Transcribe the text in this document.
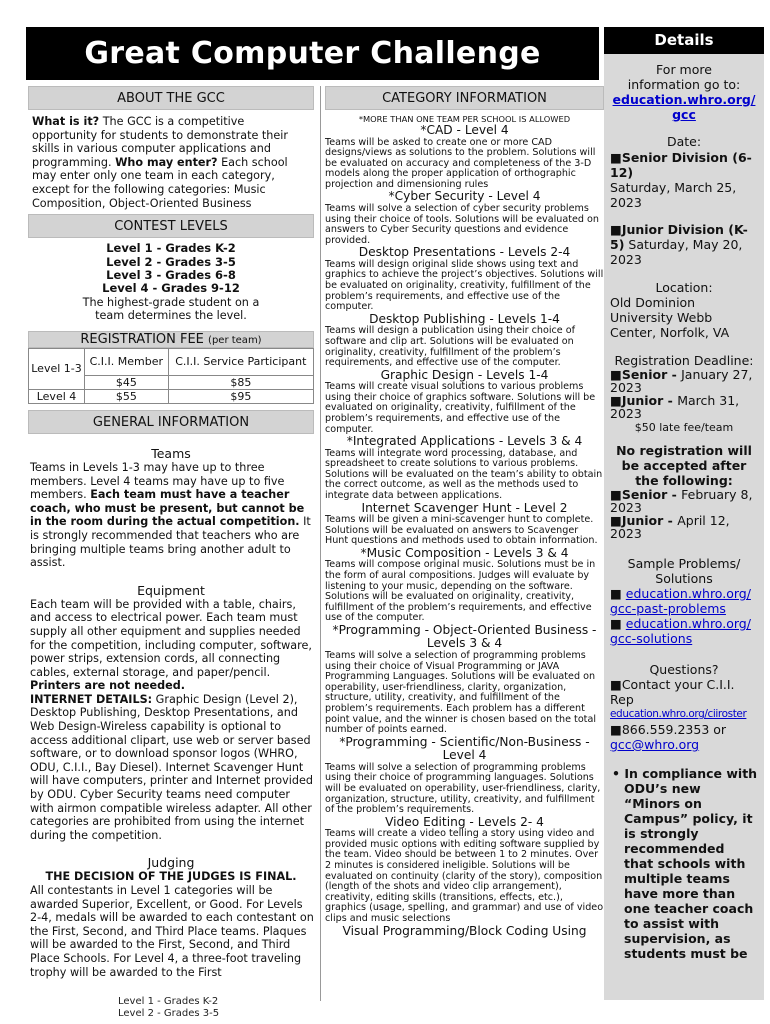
Great Computer Challenge
ABOUT THE GCC

What is it? The GCC is a competitive opportunity for students to demonstrate their skills in various computer applications and programming. Who may enter? Each school may enter only one team in each category, except for the following categories: Music Composition, Object-Oriented Business

CONTEST LEVELS
Level 1 - Grades K-2
Level 2 - Grades 3-5
Level 3 - Grades 6-8
Level 4 - Grades 9-12
The highest-grade student on a team determines the level.
REGISTRATION FEE (per team)
Level 1-3	C.I.I. Member	C.I.I. Service Participant
	$45	$85
Level 4	$55	$95
GENERAL INFORMATION
Teams

Teams in Levels 1-3 may have up to three members. Level 4 teams may have up to five members. Each team must have a teacher coach, who must be present, but cannot be in the room during the actual competition. It is strongly recommended that teachers who are bringing multiple teams bring another adult to assist.

Equipment

Each team will be provided with a table, chairs, and access to electrical power. Each team must supply all other equipment and supplies needed for the competition, including computer, software, power strips, extension cords, all connecting cables, external storage, and paper/pencil. Printers are not needed.
INTERNET DETAILS: Graphic Design (Level 2), Desktop Publishing, Desktop Presentations, and Web Design-Wireless capability is optional to access additional clipart, use web or server based software, or to download sponsor logos (WHRO, ODU, C.I.I., Bay Diesel). Internet Scavenger Hunt will have computers, printer and Internet provided by ODU. Cyber Security teams need computer with airmon compatible wireless adapter. All other categories are prohibited from using the internet during the competition.

Judging
THE DECISION OF THE JUDGES IS FINAL.

All contestants in Level 1 categories will be awarded Superior, Excellent, or Good. For Levels 2-4, medals will be awarded to each contestant on the First, Second, and Third Place teams. Plaques will be awarded to the First, Second, and Third Place Schools. For Level 4, a three-foot traveling trophy will be awarded to the First

CATEGORY INFORMATION
*MORE THAN ONE TEAM PER SCHOOL IS ALLOWED
*CAD - Level 4
Teams will be asked to create one or more CAD designs/views as solutions to the problem. Solutions will be evaluated on accuracy and completeness of the 3-D models along the proper application of orthographic projection and dimensioning rules
*Cyber Security - Level 4
Teams will solve a selection of cyber security problems using their choice of tools. Solutions will be evaluated on answers to Cyber Security questions and evidence provided.
Desktop Presentations - Levels 2-4
Teams will design original slide shows using text and graphics to achieve the project’s objectives. Solutions will be evaluated on originality, creativity, fulfillment of the problem’s requirements, and effective use of the computer.
Desktop Publishing - Levels 1-4
Teams will design a publication using their choice of software and clip art. Solutions will be evaluated on originality, creativity, fulfillment of the problem’s requirements, and effective use of the computer.
Graphic Design - Levels 1-4
Teams will create visual solutions to various problems using their choice of graphics software. Solutions will be evaluated on originality, creativity, fulfillment of the problem’s requirements, and effective use of the computer.
*Integrated Applications - Levels 3 & 4
Teams will integrate word processing, database, and spreadsheet to create solutions to various problems. Solutions will be evaluated on the team’s ability to obtain the correct outcome, as well as the methods used to integrate data between applications.
Internet Scavenger Hunt - Level 2
Teams will be given a mini-scavenger hunt to complete. Solutions will be evaluated on answers to Scavenger Hunt questions and methods used to obtain information.
*Music Composition - Levels 3 & 4
Teams will compose original music. Solutions must be in the form of aural compositions. Judges will evaluate by listening to your music, depending on the software. Solutions will be evaluated on originality, creativity, fulfillment of the problem’s requirements, and effective use of the computer.
*Programming - Object-Oriented Business - Levels 3 & 4
Teams will solve a selection of programming problems using their choice of Visual Programming or JAVA Programming Languages. Solutions will be evaluated on operability, user-friendliness, clarity, organization, structure, utility, creativity, and fulfillment of the problem’s requirements. Each problem has a different point value, and the winner is chosen based on the total number of points earned.
*Programming - Scientific/Non-Business - Level 4
Teams will solve a selection of programming problems using their choice of programming languages. Solutions will be evaluated on operability, user-friendliness, clarity, organization, structure, utility, creativity, and fulfillment of the problem’s requirements.
Video Editing - Levels 2- 4
Teams will create a video telling a story using video and provided music options with editing software supplied by the team. Video should be between 1 to 2 minutes. Over 2 minutes is considered ineligible. Solutions will be evaluated on continuity (clarity of the story), composition (length of the shots and video clip arrangement), creativity, editing skills (transitions, effects, etc.), graphics (usage, spelling, and grammar) and use of video clips and music selections
Visual Programming/Block Coding Using
Details
For more information go to:
education.whro.org/gcc
Date:
■Senior Division (6-12)
Saturday, March 25, 2023
■Junior Division (K-5) Saturday, May 20, 2023
Location:
Old Dominion University Webb Center, Norfolk, VA
Registration Deadline:
■Senior - January 27, 2023
■Junior - March 31, 2023
$50 late fee/team
No registration will be accepted after the following:
■Senior - February 8, 2023
■Junior - April 12, 2023
Sample Problems/ Solutions
■ education.whro.org/gcc-past-problems
■ education.whro.org/gcc-solutions
Questions?
■Contact your C.I.I. Rep
education.whro.org/ciiroster
■866.559.2353 or
gcc@whro.org
• In compliance with ODU’s new “Minors on Campus” policy, it is strongly recommended that schools with multiple teams have more than one teacher coach to assist with supervision, as students must be
Level 1 - Grades K-2
Level 2 - Grades 3-5
